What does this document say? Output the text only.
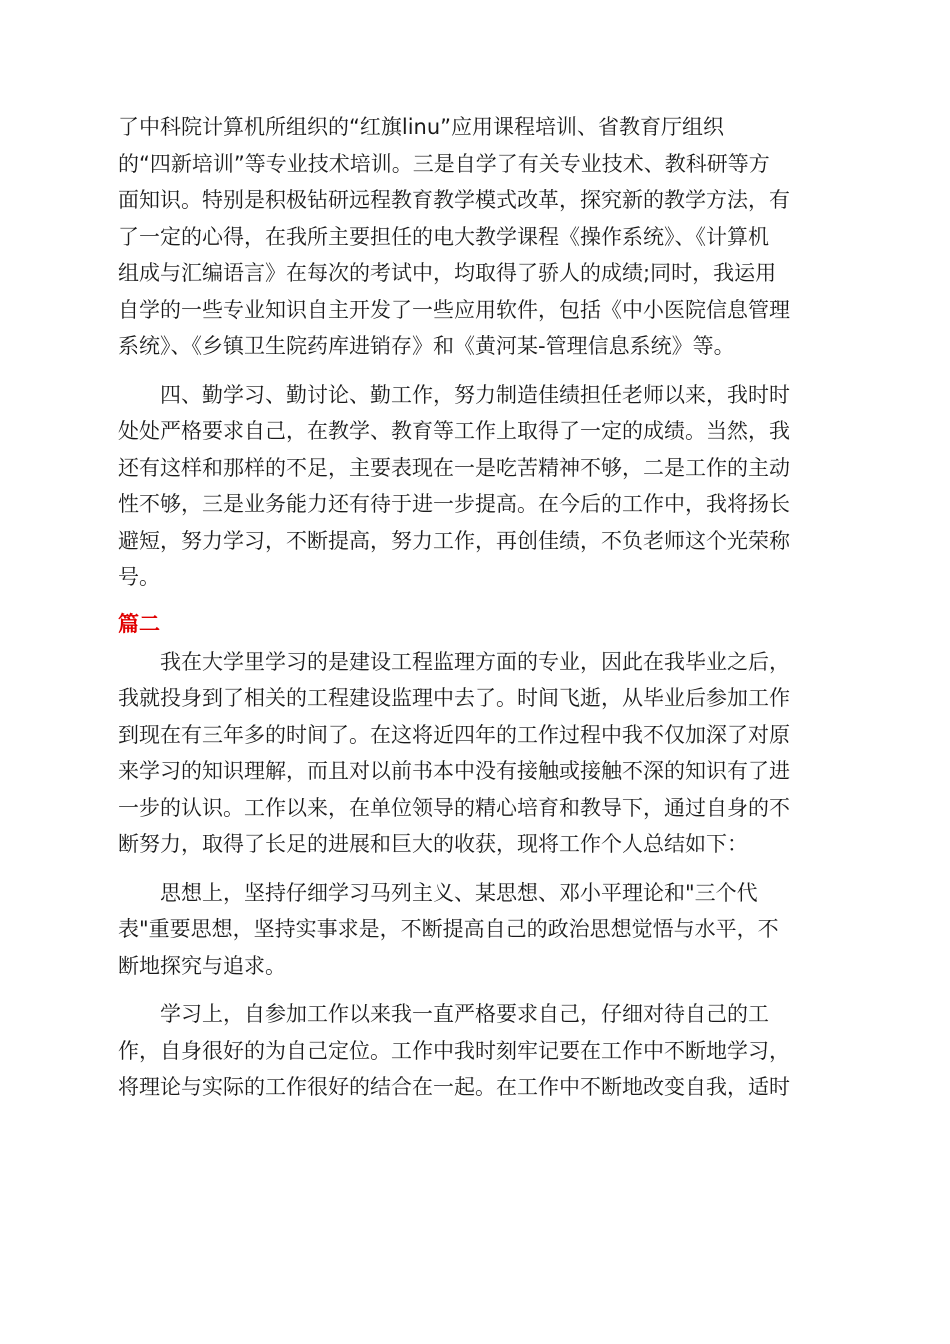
了中科院计算机所组织的“红旗linu”应用课程培训、省教育厅组织
的“四新培训”等专业技术培训。三是自学了有关专业技术、教科研等方
面知识。特别是积极钻研远程教育教学模式改革，探究新的教学方法，有
了一定的心得，在我所主要担任的电大教学课程《操作系统》、《计算机
组成与汇编语言》在每次的考试中，均取得了骄人的成绩;同时，我运用
自学的一些专业知识自主开发了一些应用软件，包括《中小医院信息管理
系统》、《乡镇卫生院药库进销存》和《黄河某-管理信息系统》等。
四、勤学习、勤讨论、勤工作，努力制造佳绩担任老师以来，我时时
处处严格要求自己，在教学、教育等工作上取得了一定的成绩。当然，我
还有这样和那样的不足，主要表现在一是吃苦精神不够，二是工作的主动
性不够，三是业务能力还有待于进一步提高。在今后的工作中，我将扬长
避短，努力学习，不断提高，努力工作，再创佳绩，不负老师这个光荣称
号。
篇二
我在大学里学习的是建设工程监理方面的专业，因此在我毕业之后，
我就投身到了相关的工程建设监理中去了。时间飞逝，从毕业后参加工作
到现在有三年多的时间了。在这将近四年的工作过程中我不仅加深了对原
来学习的知识理解，而且对以前书本中没有接触或接触不深的知识有了进
一步的认识。工作以来，在单位领导的精心培育和教导下，通过自身的不
断努力，取得了长足的进展和巨大的收获，现将工作个人总结如下：
思想上，坚持仔细学习马列主义、某思想、邓小平理论和"三个代
表"重要思想，坚持实事求是，不断提高自己的政治思想觉悟与水平，不
断地探究与追求。
学习上，自参加工作以来我一直严格要求自己，仔细对待自己的工
作，自身很好的为自己定位。工作中我时刻牢记要在工作中不断地学习，
将理论与实际的工作很好的结合在一起。在工作中不断地改变自我，适时
